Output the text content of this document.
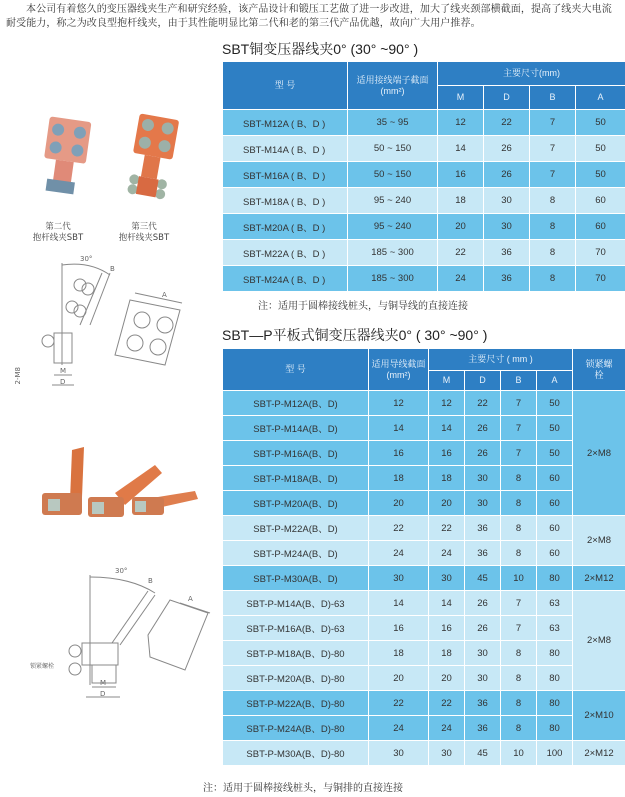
本公司有着悠久的变压器线夹生产和研究经验，该产品设计和锻压工艺做了进一步改进，加大了线夹颈部横截面，提高了线夹大电流耐受能力，称之为改良型抱杆线夹，由于其性能明显比第二代和老的第三代产品优越，故向广大用户推荐。
第二代
抱杆线夹SBT
第三代
抱杆线夹SBT
30°
B
A
M
D
2-M8
30°
B
A
M
D
锁紧螺栓
SBT铜变压器线夹0° (30° ~90° )
型 号	适用接线端子截面(mm²)	主要尺寸(mm)			
		M	D	B	A
SBT-M12A ( B、D )	35 ~ 95	12	22	7	50
SBT-M14A ( B、D )	50 ~ 150	14	26	7	50
SBT-M16A ( B、D )	50 ~ 150	16	26	7	50
SBT-M18A ( B、D )	95 ~ 240	18	30	8	60
SBT-M20A ( B、D )	95 ~ 240	20	30	8	60
SBT-M22A ( B、D )	185 ~ 300	22	36	8	70
SBT-M24A ( B、D )	185 ~ 300	24	36	8	70
注：适用于圆棒接线桩头，与铜导线的直接连接
SBT—P平板式铜变压器线夹0° ( 30° ~90° )
型 号	适用导线截面(mm²)	主要尺寸 ( mm )				锁紧螺栓
		M	D	B	A	
SBT-P-M12A(B、D)	12	12	22	7	50	2×M8
SBT-P-M14A(B、D)	14	14	26	7	50	
SBT-P-M16A(B、D)	16	16	26	7	50	
SBT-P-M18A(B、D)	18	18	30	8	60	
SBT-P-M20A(B、D)	20	20	30	8	60	
SBT-P-M22A(B、D)	22	22	36	8	60	2×M8
SBT-P-M24A(B、D)	24	24	36	8	60	
SBT-P-M30A(B、D)	30	30	45	10	80	2×M12
SBT-P-M14A(B、D)-63	14	14	26	7	63	2×M8
SBT-P-M16A(B、D)-63	16	16	26	7	63	
SBT-P-M18A(B、D)-80	18	18	30	8	80	
SBT-P-M20A(B、D)-80	20	20	30	8	80	
SBT-P-M22A(B、D)-80	22	22	36	8	80	2×M10
SBT-P-M24A(B、D)-80	24	24	36	8	80	
SBT-P-M30A(B、D)-80	30	30	45	10	100	2×M12
注：适用于圆棒接线桩头，与铜排的直接连接
